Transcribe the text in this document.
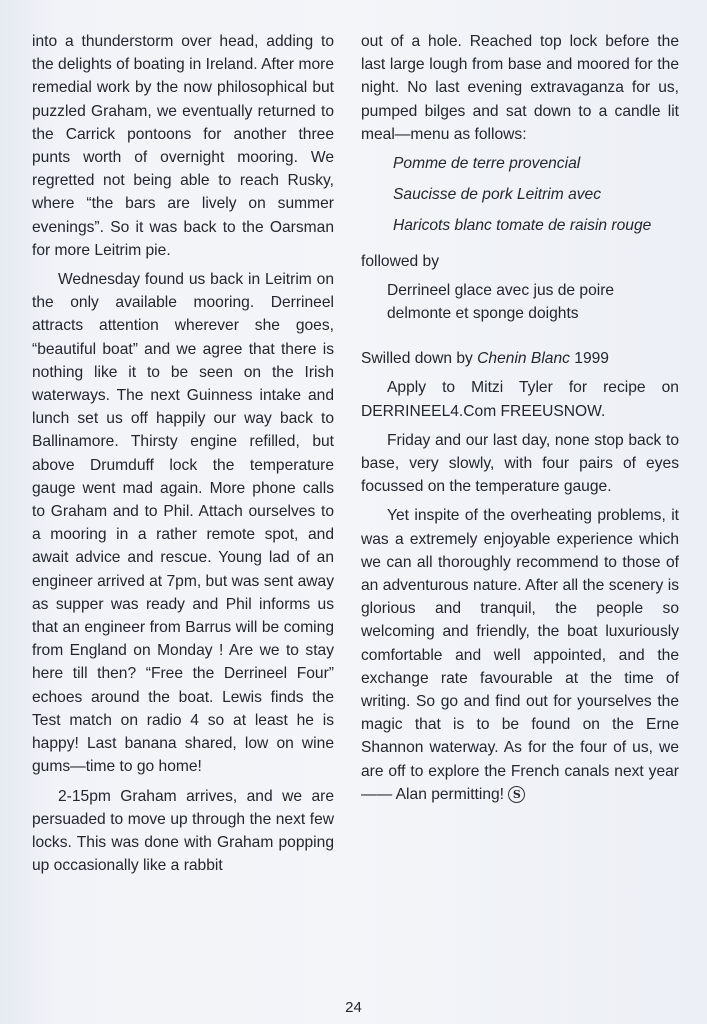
into a thunderstorm over head, adding to the delights of boating in Ireland. After more remedial work by the now philosophical but puzzled Graham, we eventually returned to the Carrick pontoons for another three punts worth of overnight mooring. We regretted not being able to reach Rusky, where “the bars are lively on summer evenings”. So it was back to the Oarsman for more Leitrim pie.

Wednesday found us back in Leitrim on the only available mooring. Derrineel attracts attention wherever she goes, “beautiful boat” and we agree that there is nothing like it to be seen on the Irish waterways. The next Guinness intake and lunch set us off happily our way back to Ballinamore. Thirsty engine refilled, but above Drumduff lock the temperature gauge went mad again. More phone calls to Graham and to Phil. Attach ourselves to a mooring in a rather remote spot, and await advice and rescue. Young lad of an engineer arrived at 7pm, but was sent away as supper was ready and Phil informs us that an engineer from Barrus will be coming from England on Monday ! Are we to stay here till then? “Free the Derrineel Four” echoes around the boat. Lewis finds the Test match on radio 4 so at least he is happy! Last banana shared, low on wine gums—time to go home!

2-15pm Graham arrives, and we are persuaded to move up through the next few locks. This was done with Graham popping up occasionally like a rabbit

out of a hole. Reached top lock before the last large lough from base and moored for the night. No last evening extravaganza for us, pumped bilges and sat down to a candle lit meal—menu as follows:

Pomme de terre provencial

Saucisse de pork Leitrim avec

Haricots blanc tomate de raisin rouge

followed by

Derrineel glace avec jus de poire delmonte et sponge doights

Swilled down by Chenin Blanc 1999

Apply to Mitzi Tyler for recipe on DERRINEEL4.Com FREEUSNOW.

Friday and our last day, none stop back to base, very slowly, with four pairs of eyes focussed on the temperature gauge.

Yet inspite of the overheating problems, it was a extremely enjoyable experience which we can all thoroughly recommend to those of an adventurous nature. After all the scenery is glorious and tranquil, the people so welcoming and friendly, the boat luxuriously comfortable and well appointed, and the exchange rate favourable at the time of writing. So go and find out for yourselves the magic that is to be found on the Erne Shannon waterway. As for the four of us, we are off to explore the French canals next year—— Alan permitting! S

24
